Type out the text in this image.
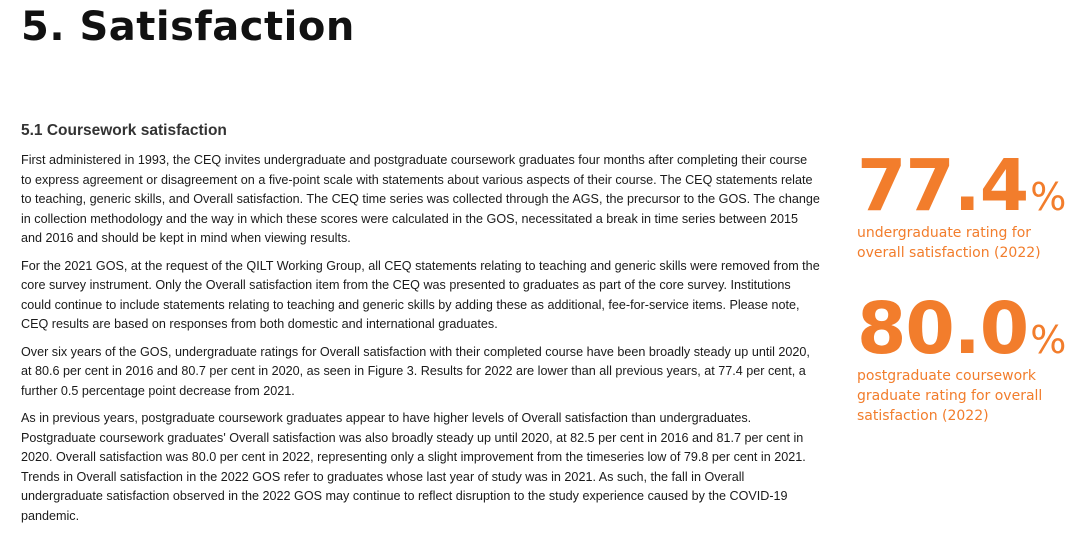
5. Satisfaction
5.1 Coursework satisfaction

First administered in 1993, the CEQ invites undergraduate and postgraduate coursework graduates four months after completing their course to express agreement or disagreement on a five-point scale with statements about various aspects of their course. The CEQ statements relate to teaching, generic skills, and Overall satisfaction. The CEQ time series was collected through the AGS, the precursor to the GOS. The change in collection methodology and the way in which these scores were calculated in the GOS, necessitated a break in time series between 2015 and 2016 and should be kept in mind when viewing results.

For the 2021 GOS, at the request of the QILT Working Group, all CEQ statements relating to teaching and generic skills were removed from the core survey instrument. Only the Overall satisfaction item from the CEQ was presented to graduates as part of the core survey. Institutions could continue to include statements relating to teaching and generic skills by adding these as additional, fee-for-service items. Please note, CEQ results are based on responses from both domestic and international graduates.

Over six years of the GOS, undergraduate ratings for Overall satisfaction with their completed course have been broadly steady up until 2020, at 80.6 per cent in 2016 and 80.7 per cent in 2020, as seen in Figure 3. Results for 2022 are lower than all previous years, at 77.4 per cent, a further 0.5 percentage point decrease from 2021.

As in previous years, postgraduate coursework graduates appear to have higher levels of Overall satisfaction than undergraduates. Postgraduate coursework graduates' Overall satisfaction was also broadly steady up until 2020, at 82.5 per cent in 2016 and 81.7 per cent in 2020. Overall satisfaction was 80.0 per cent in 2022, representing only a slight improvement from the timeseries low of 79.8 per cent in 2021. Trends in Overall satisfaction in the 2022 GOS refer to graduates whose last year of study was in 2021. As such, the fall in Overall undergraduate satisfaction observed in the 2022 GOS may continue to reflect disruption to the study experience caused by the COVID-19 pandemic.

77.4 %
undergraduate rating for overall satisfaction (2022)
80.0 %
postgraduate coursework graduate rating for overall satisfaction (2022)
